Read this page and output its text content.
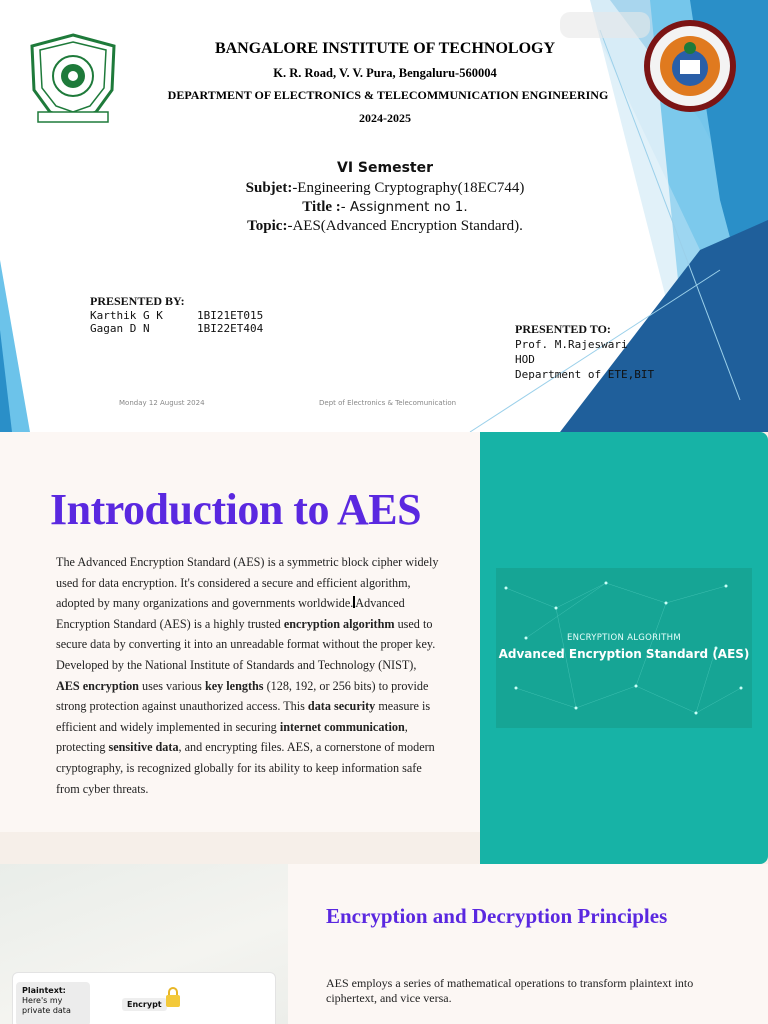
BANGALORE INSTITUTE OF TECHNOLOGY
K. R. Road, V. V. Pura, Bengaluru-560004
DEPARTMENT OF ELECTRONICS & TELECOMMUNICATION ENGINEERING
2024-2025
VI Semester
Subjet:-Engineering Cryptography(18EC744)
Title :- Assignment no 1.
Topic:-AES(Advanced Encryption Standard).
PRESENTED BY:
Karthik G K	1BI21ET015
Gagan D N	1BI22ET404	PRESENTED TO:
Prof. M.Rajeswari
HOD
Department of ETE,BIT
Monday 12 August 2024	Dept of Electronics & Telecomunication
Introduction to AES
The Advanced Encryption Standard (AES) is a symmetric block cipher widely used for data encryption. It's considered a secure and efficient algorithm, adopted by many organizations and governments worldwide. Advanced Encryption Standard (AES) is a highly trusted encryption algorithm used to secure data by converting it into an unreadable format without the proper key. Developed by the National Institute of Standards and Technology (NIST), AES encryption uses various key lengths (128, 192, or 256 bits) to provide strong protection against unauthorized access. This data security measure is efficient and widely implemented in securing internet communication, protecting sensitive data, and encrypting files. AES, a cornerstone of modern cryptography, is recognized globally for its ability to keep information safe from cyber threats.
ENCRYPTION ALGORITHM
Advanced Encryption Standard (AES)
Plaintext:
Here's my private data
Encrypt
Encryption and Decryption Principles

AES employs a series of mathematical operations to transform plaintext into ciphertext, and vice versa.
